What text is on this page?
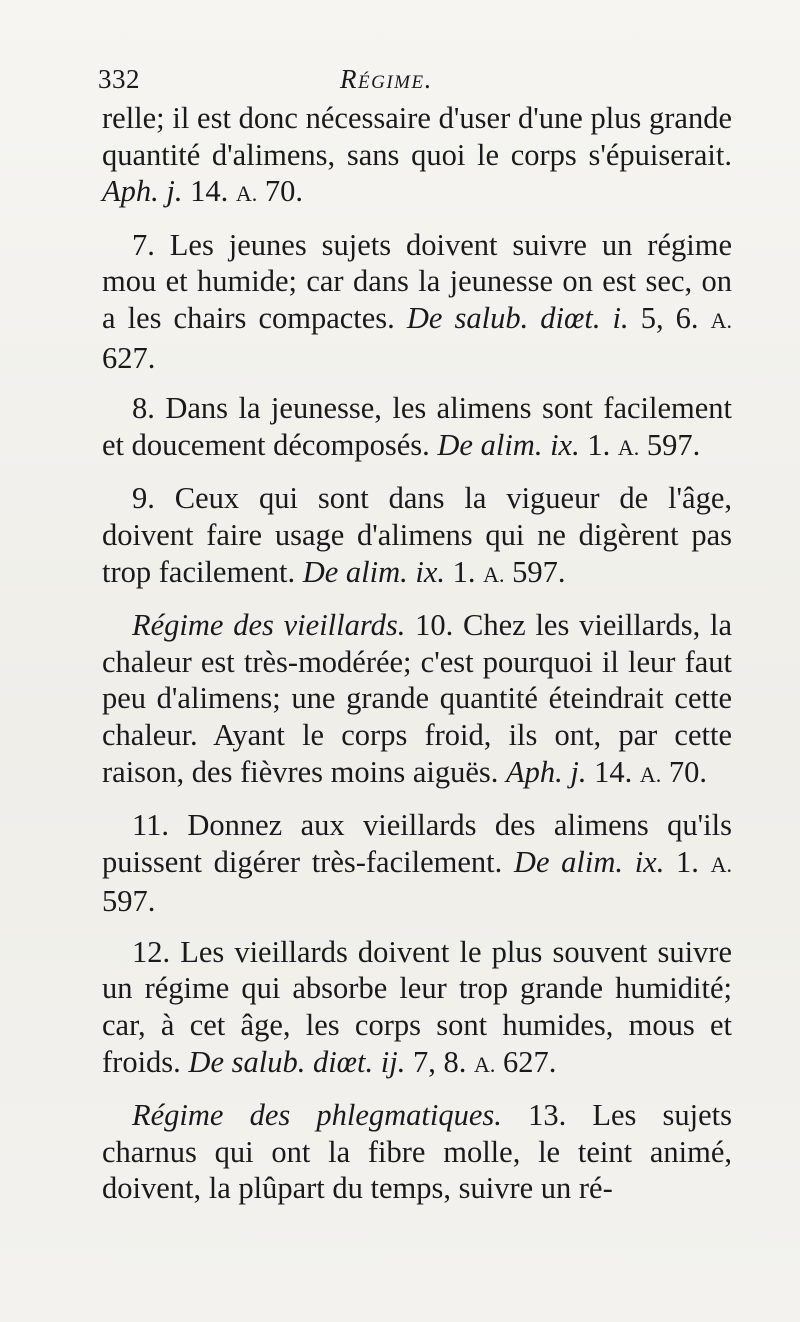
332	Régime.

relle; il est donc nécessaire d'user d'une plus grande quantité d'alimens, sans quoi le corps s'épuiserait. Aph. j. 14. A. 70.

7. Les jeunes sujets doivent suivre un régime mou et humide; car dans la jeunesse on est sec, on a les chairs compactes. De salub. diœt. i. 5, 6. A. 627.

8. Dans la jeunesse, les alimens sont facilement et doucement décomposés. De alim. ix. 1. A. 597.

9. Ceux qui sont dans la vigueur de l'âge, doivent faire usage d'alimens qui ne digèrent pas trop facilement. De alim. ix. 1. A. 597.

Régime des vieillards. 10. Chez les vieillards, la chaleur est très-modérée; c'est pourquoi il leur faut peu d'alimens; une grande quantité éteindrait cette chaleur. Ayant le corps froid, ils ont, par cette raison, des fièvres moins aiguës. Aph. j. 14. A. 70.

11. Donnez aux vieillards des alimens qu'ils puissent digérer très-facilement. De alim. ix. 1. A. 597.

12. Les vieillards doivent le plus souvent suivre un régime qui absorbe leur trop grande humidité; car, à cet âge, les corps sont humides, mous et froids. De salub. diœt. ij. 7, 8. A. 627.

Régime des phlegmatiques. 13. Les sujets charnus qui ont la fibre molle, le teint animé, doivent, la plûpart du temps, suivre un ré-
